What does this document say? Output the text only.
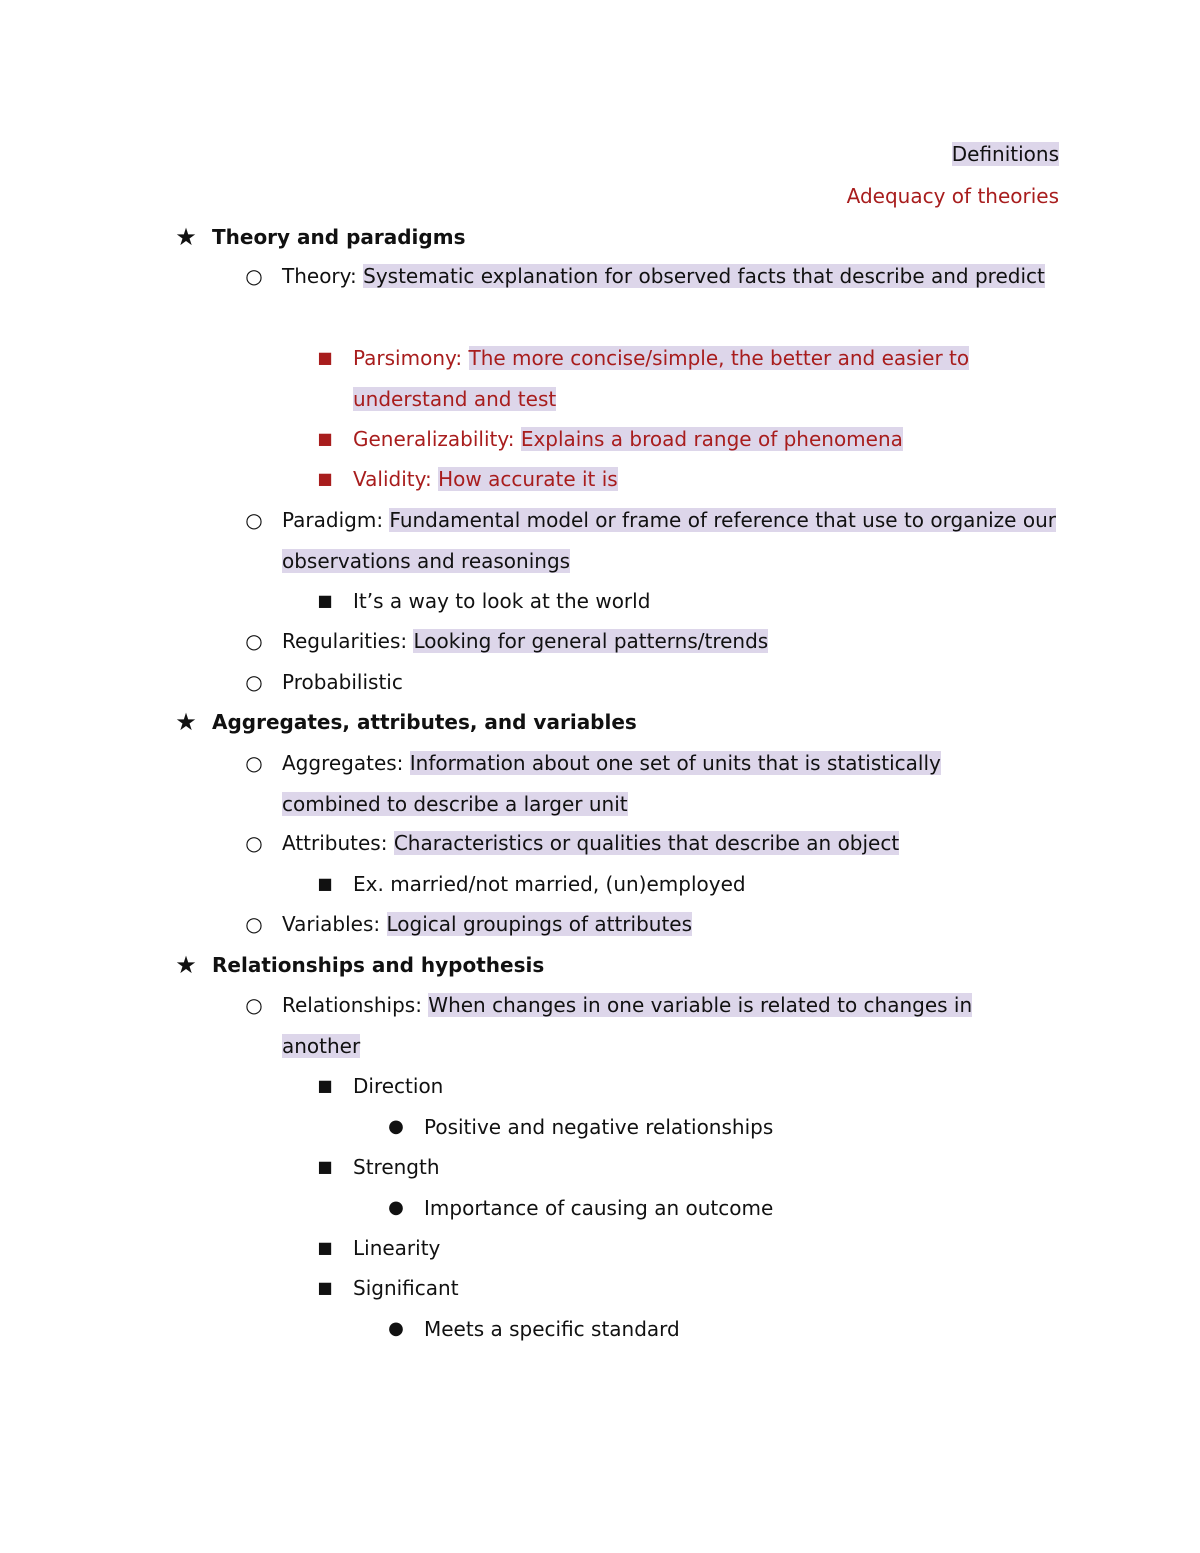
Definitions
Adequacy of theories
★ Theory and paradigms
○ Theory: Systematic explanation for observed facts that describe and predict
■ Parsimony: The more concise/simple, the better and easier to understand and test
■ Generalizability: Explains a broad range of phenomena
■ Validity: How accurate it is
○ Paradigm: Fundamental model or frame of reference that use to organize our observations and reasonings
■ It’s a way to look at the world
○ Regularities: Looking for general patterns/trends
○ Probabilistic
★ Aggregates, attributes, and variables
○ Aggregates: Information about one set of units that is statistically combined to describe a larger unit
○ Attributes: Characteristics or qualities that describe an object
■ Ex. married/not married, (un)employed
○ Variables: Logical groupings of attributes
★ Relationships and hypothesis
○ Relationships: When changes in one variable is related to changes in another
■ Direction
● Positive and negative relationships
■ Strength
● Importance of causing an outcome
■ Linearity
■ Significant
● Meets a specific standard
